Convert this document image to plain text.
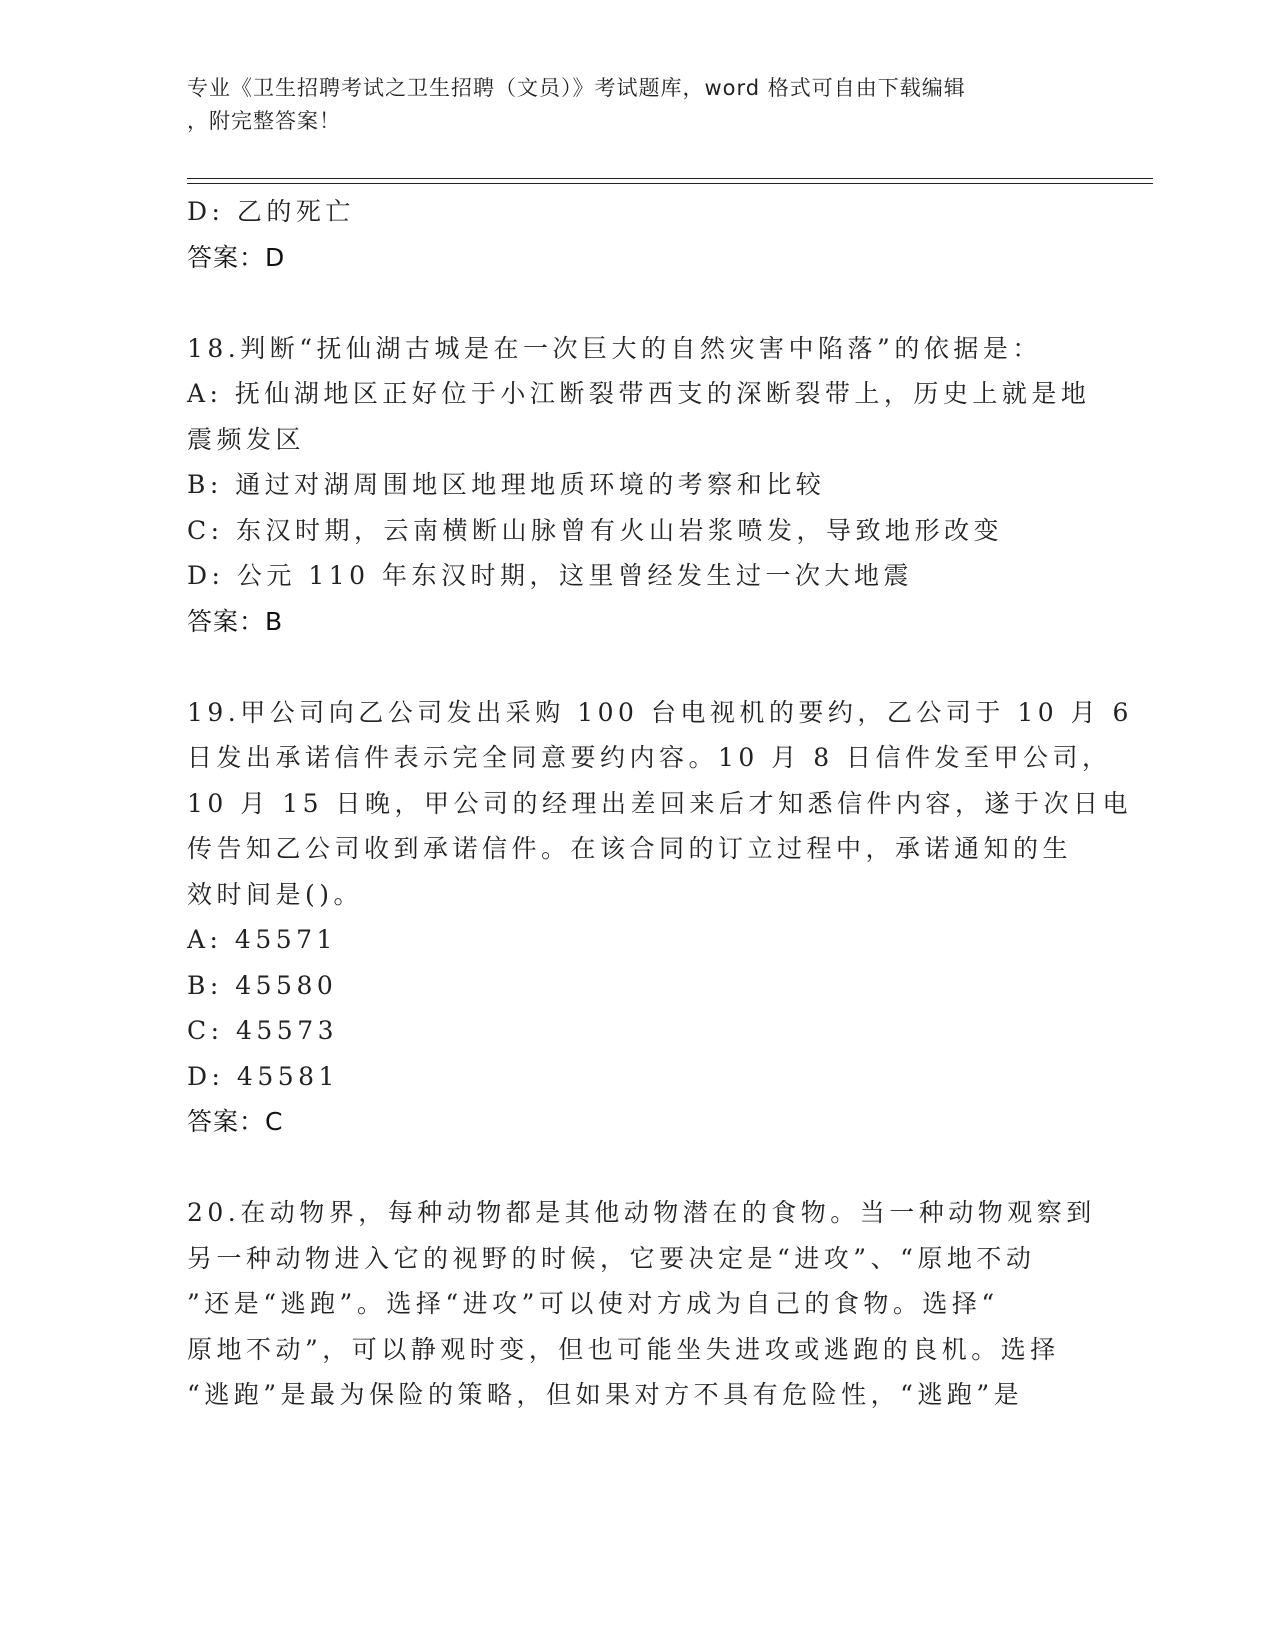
专业《卫生招聘考试之卫生招聘（文员）》考试题库，word 格式可自由下载编辑
，附完整答案！
D: 乙的死亡
答案：D
18.判断“抚仙湖古城是在一次巨大的自然灾害中陷落”的依据是：
A: 抚仙湖地区正好位于小江断裂带西支的深断裂带上，历史上就是地
震频发区
B: 通过对湖周围地区地理地质环境的考察和比较
C: 东汉时期，云南横断山脉曾有火山岩浆喷发，导致地形改变
D: 公元 110 年东汉时期，这里曾经发生过一次大地震
答案：B
19.甲公司向乙公司发出采购 100 台电视机的要约，乙公司于 10 月 6
日发出承诺信件表示完全同意要约内容。10 月 8 日信件发至甲公司，
10 月 15 日晚，甲公司的经理出差回来后才知悉信件内容，遂于次日电
传告知乙公司收到承诺信件。在该合同的订立过程中，承诺通知的生
效时间是()。
A: 45571
B: 45580
C: 45573
D: 45581
答案：C
20.在动物界，每种动物都是其他动物潜在的食物。当一种动物观察到
另一种动物进入它的视野的时候，它要决定是“进攻”、“原地不动
”还是“逃跑”。选择“进攻”可以使对方成为自己的食物。选择“
原地不动”，可以静观时变，但也可能坐失进攻或逃跑的良机。选择
“逃跑”是最为保险的策略，但如果对方不具有危险性，“逃跑”是
